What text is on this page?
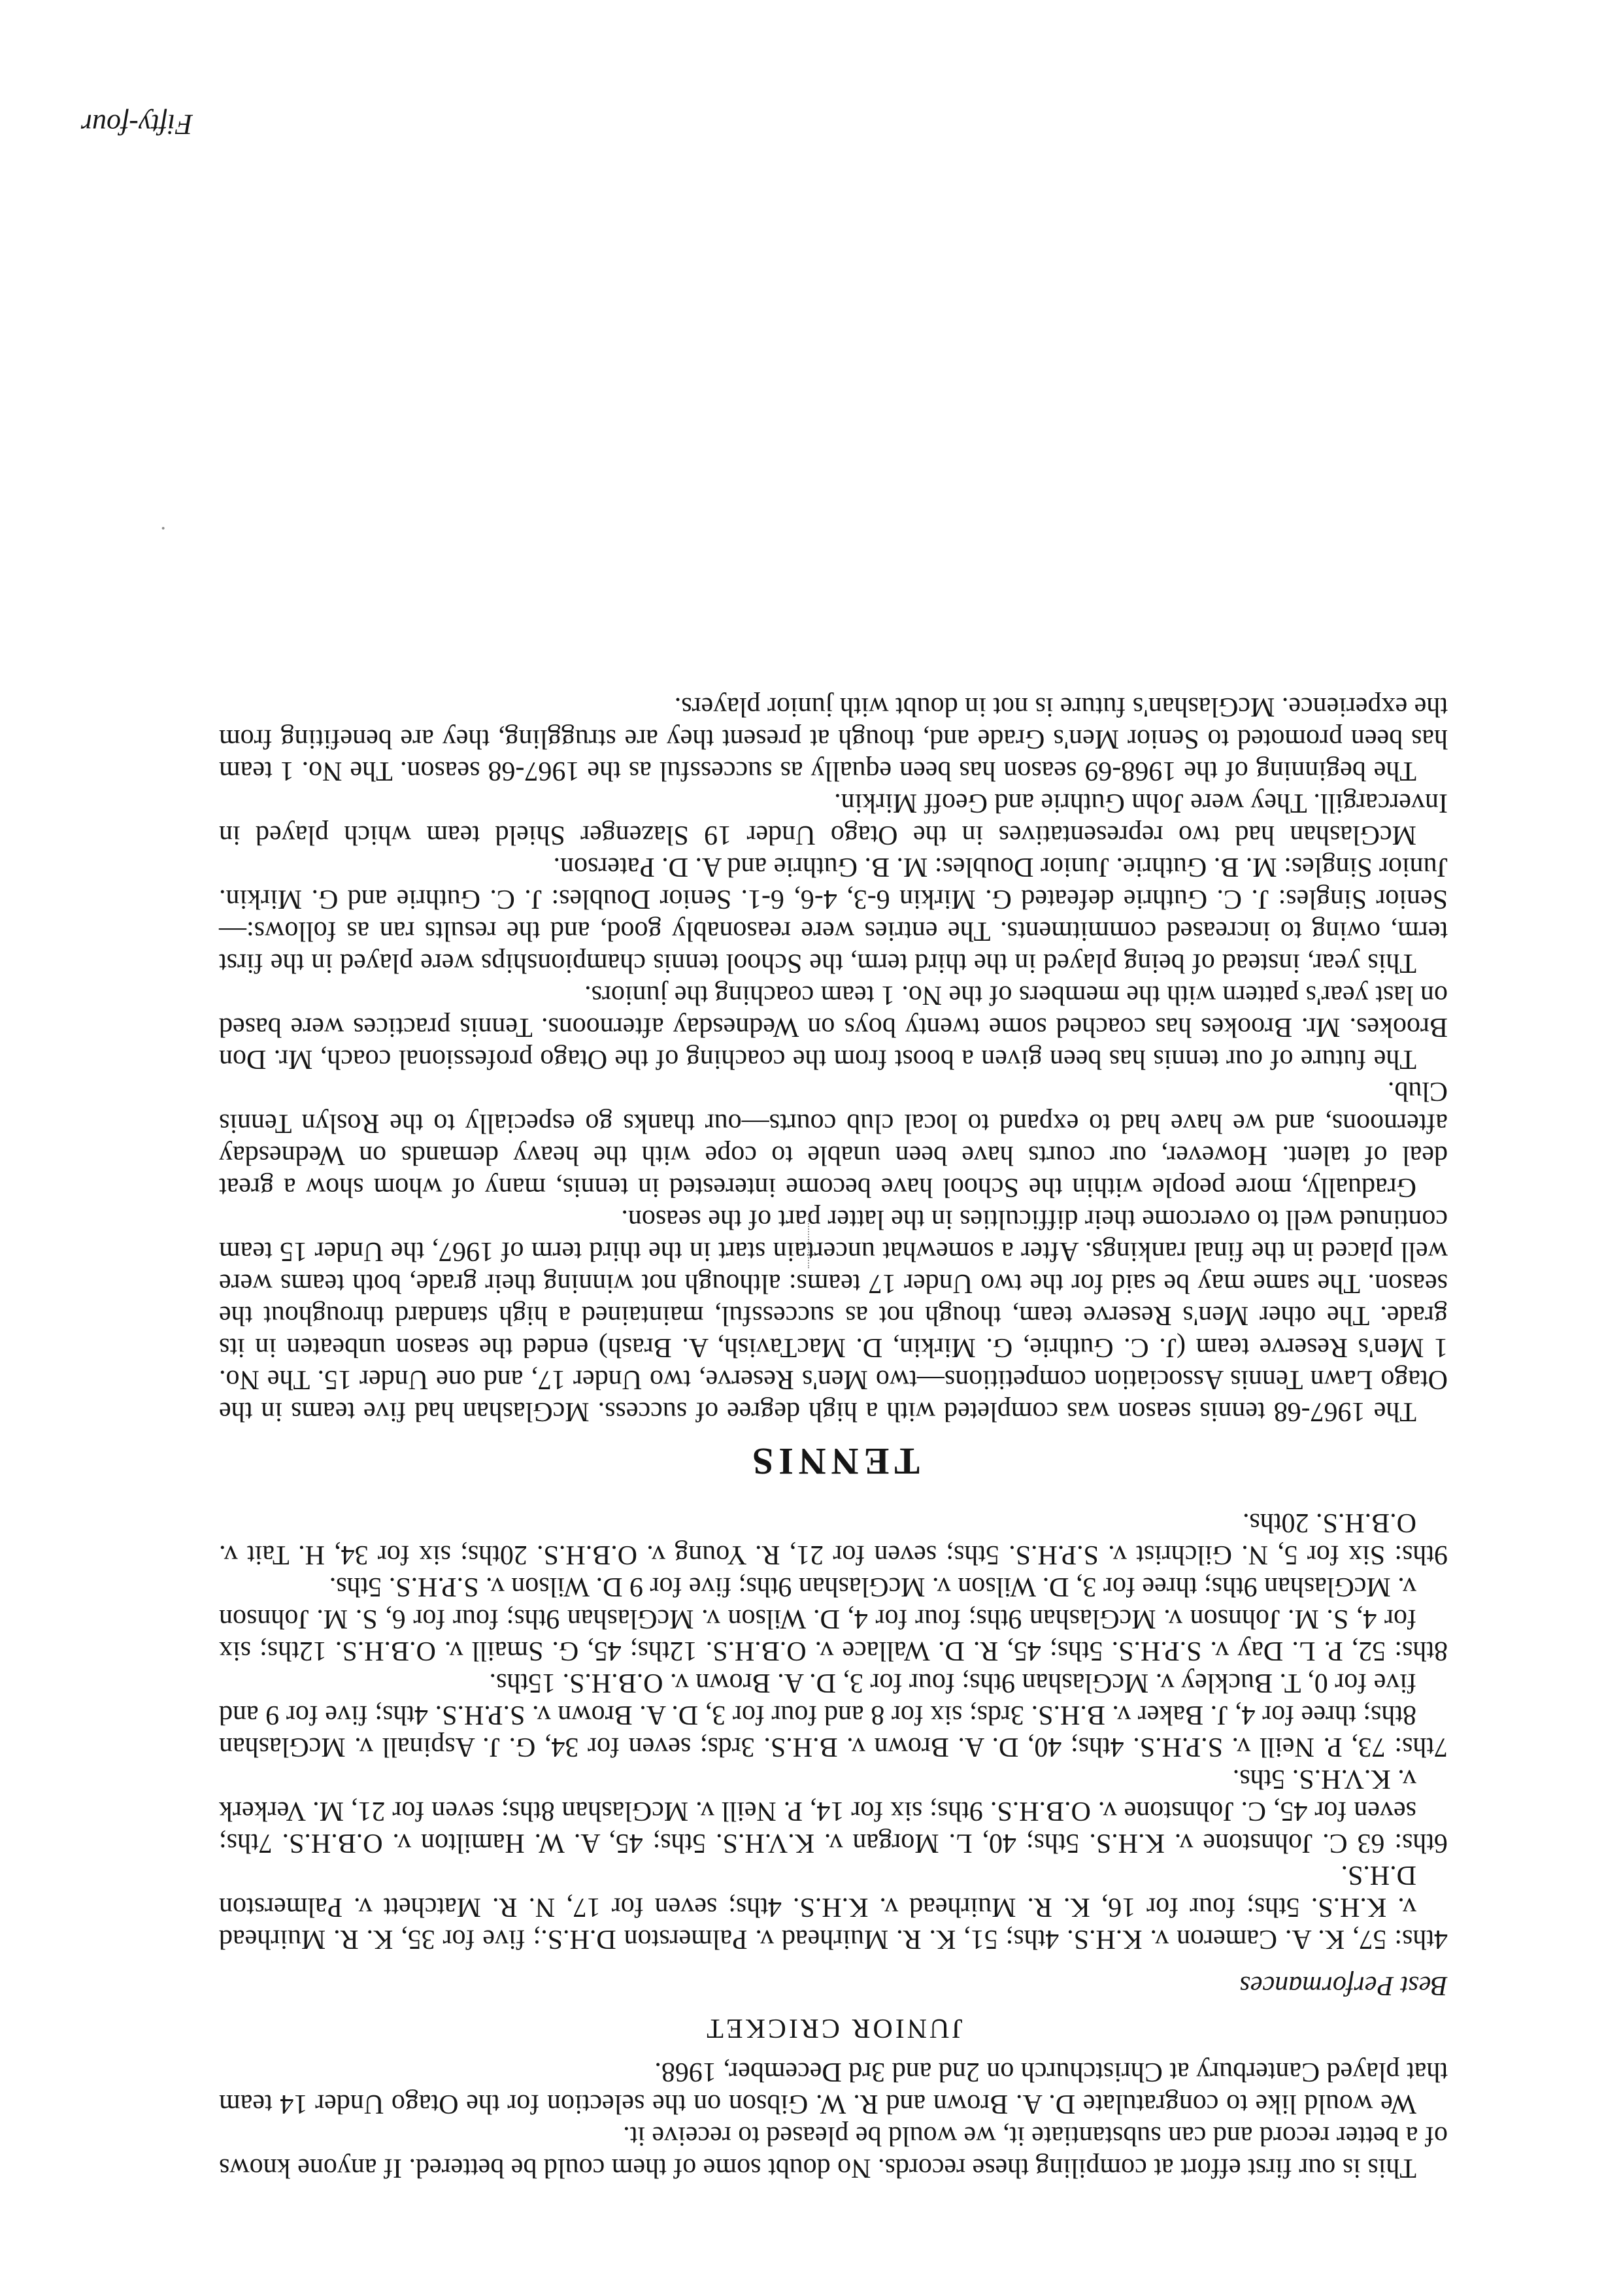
This is our first effort at compiling these records. No doubt some of them could be bettered. If anyone knows of a better record and can substantiate it, we would be pleased to receive it.

We would like to congratulate D. A. Brown and R. W. Gibson on the selection for the Otago Under 14 team that played Canterbury at Christchurch on 2nd and 3rd December, 1968.

JUNIOR CRICKET
Best Performances

4ths: 57, K. A. Cameron v. K.H.S. 4ths; 51, K. R. Muirhead v. Palmerston D.H.S.; five for 35, K. R. Muirhead v. K.H.S. 5ths; four for 16, K. R. Muirhead v. K.H.S. 4ths; seven for 17, N. R. Matchett v. Palmerston D.H.S.

6ths: 63 C. Johnstone v. K.H.S. 5ths; 40, L. Morgan v. K.V.H.S. 5ths; 45, A. W. Hamilton v. O.B.H.S. 7ths; seven for 45, C. Johnstone v. O.B.H.S. 9ths; six for 14, P. Neill v. McGlashan 8ths; seven for 21, M. Verkerk v. K.V.H.S. 5ths.

7ths: 73, P. Neill v. S.P.H.S. 4ths; 40, D. A. Brown v. B.H.S. 3rds; seven for 34, G. J. Aspinall v. McGlashan 8ths; three for 4, J. Baker v. B.H.S. 3rds; six for 8 and four for 3, D. A. Brown v. S.P.H.S. 4ths; five for 9 and five for 0, T. Buckley v. McGlashan 9ths; four for 3, D. A. Brown v. O.B.H.S. 15ths.

8ths: 52, P. L. Day v. S.P.H.S. 5ths; 45, R. D. Wallace v. O.B.H.S. 12ths; 45, G. Smaill v. O.B.H.S. 12ths; six for 4, S. M. Johnson v. McGlashan 9ths; four for 4, D. Wilson v. McGlashan 9ths; four for 6, S. M. Johnson v. McGlashan 9ths; three for 3, D. Wilson v. McGlashan 9ths; five for 9 D. Wilson v. S.P.H.S. 5ths.

9ths: Six for 5, N. Gilchrist v. S.P.H.S. 5ths; seven for 21, R. Young v. O.B.H.S. 20ths; six for 34, H. Tait v. O.B.H.S. 20ths.

TENNIS

The 1967-68 tennis season was completed with a high degree of success. McGlashan had five teams in the Otago Lawn Tennis Association competitions—two Men's Reserve, two Under 17, and one Under 15. The No. 1 Men's Reserve team (J. C. Guthrie, G. Mirkin, D. MacTavish, A. Brash) ended the season unbeaten in its grade. The other Men's Reserve team, though not as successful, maintained a high standard throughout the season. The same may be said for the two Under 17 teams: although not winning their grade, both teams were well placed in the final rankings. After a somewhat uncertain start in the third term of 1967, the Under 15 team continued well to overcome their difficulties in the latter part of the season.

Gradually, more people within the School have become interested in tennis, many of whom show a great deal of talent. However, our courts have been unable to cope with the heavy demands on Wednesday afternoons, and we have had to expand to local club courts—our thanks go especially to the Roslyn Tennis Club.

The future of our tennis has been given a boost from the coaching of the Otago professional coach, Mr. Don Brookes. Mr. Brookes has coached some twenty boys on Wednesday afternoons. Tennis practices were based on last year's pattern with the members of the No. 1 team coaching the juniors.

This year, instead of being played in the third term, the School tennis championships were played in the first term, owing to increased commitments. The entries were reasonably good, and the results ran as follows:— Senior Singles: J. C. Guthrie defeated G. Mirkin 6-3, 4-6, 6-1. Senior Doubles: J. C. Guthrie and G. Mirkin. Junior Singles: M. B. Guthrie. Junior Doubles: M. B. Guthrie and A. D. Paterson.

McGlashan had two representatives in the Otago Under 19 Slazenger Shield team which played in Invercargill. They were John Guthrie and Geoff Mirkin.

The beginning of the 1968-69 season has been equally as successful as the 1967-68 season. The No. 1 team has been promoted to Senior Men's Grade and, though at present they are struggling, they are benefiting from the experience. McGlashan's future is not in doubt with junior players.

Fifty-four
·
